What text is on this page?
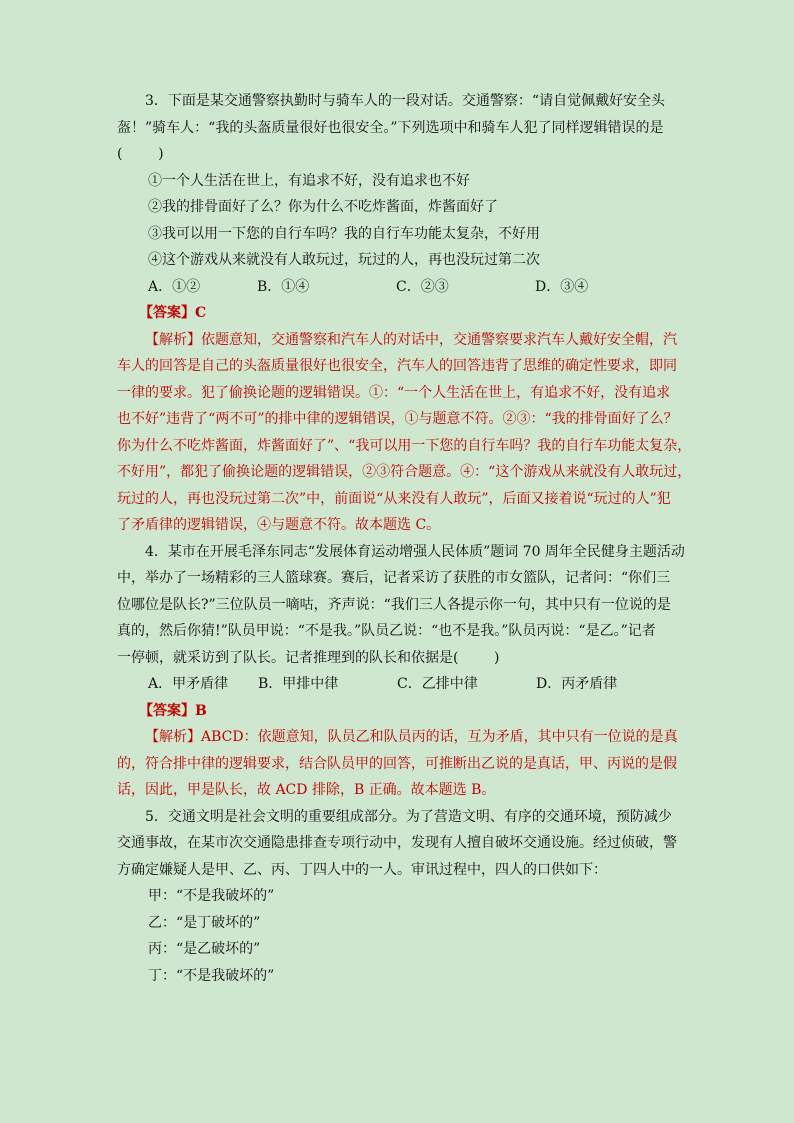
3．下面是某交通警察执勤时与骑车人的一段对话。交通警察：“请自觉佩戴好安全头

盔！”骑车人：“我的头盔质量很好也很安全。”下列选项中和骑车人犯了同样逻辑错误的是

(        )

①一个人生活在世上，有追求不好，没有追求也不好

②我的排骨面好了么？你为什么不吃炸酱面，炸酱面好了

③我可以用一下您的自行车吗？我的自行车功能太复杂，不好用

④这个游戏从来就没有人敢玩过，玩过的人，再也没玩过第二次

A．①②	B．①④	C．②③	D．③④

【答案】C

【解析】依题意知，交通警察和汽车人的对话中，交通警察要求汽车人戴好安全帽，汽

车人的回答是自己的头盔质量很好也很安全，汽车人的回答违背了思维的确定性要求，即同

一律的要求。犯了偷换论题的逻辑错误。①：“一个人生活在世上，有追求不好，没有追求

也不好”违背了“两不可”的排中律的逻辑错误，①与题意不符。②③：“我的排骨面好了么？

你为什么不吃炸酱面，炸酱面好了”、“我可以用一下您的自行车吗？我的自行车功能太复杂，

不好用”，都犯了偷换论题的逻辑错误，②③符合题意。④：“这个游戏从来就没有人敢玩过，

玩过的人，再也没玩过第二次”中，前面说“从来没有人敢玩”，后面又接着说“玩过的人”犯

了矛盾律的逻辑错误，④与题意不符。故本题选 C。

4．某市在开展毛泽东同志“发展体育运动增强人民体质”题词 70 周年全民健身主题活动

中，举办了一场精彩的三人篮球赛。赛后，记者采访了获胜的市女篮队，记者问：“你们三

位哪位是队长?”三位队员一嘀咕，齐声说：“我们三人各提示你一句，其中只有一位说的是

真的，然后你猜!”队员甲说：“不是我。”队员乙说：“也不是我。”队员丙说：“是乙。”记者

一停顿，就采访到了队长。记者推理到的队长和依据是(        )

A．甲矛盾律	B．甲排中律	C．乙排中律	D．丙矛盾律

【答案】B

【解析】ABCD：依题意知，队员乙和队员丙的话，互为矛盾，其中只有一位说的是真

的，符合排中律的逻辑要求，结合队员甲的回答，可推断出乙说的是真话，甲、丙说的是假

话，因此，甲是队长，故 ACD 排除，B 正确。故本题选 B。

5．交通文明是社会文明的重要组成部分。为了营造文明、有序的交通环境，预防减少

交通事故，在某市次交通隐患排查专项行动中，发现有人擅自破坏交通设施。经过侦破，警

方确定嫌疑人是甲、乙、丙、丁四人中的一人。审讯过程中，四人的口供如下：

甲：“不是我破坏的”

乙：“是丁破坏的”

丙：“是乙破坏的”

丁：“不是我破坏的”
